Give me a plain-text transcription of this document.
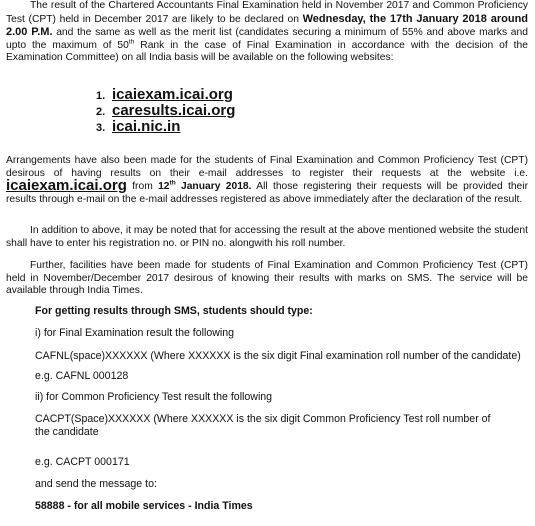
The result of the Chartered Accountants Final Examination held in November 2017 and Common Proficiency Test (CPT) held in December 2017 are likely to be declared on Wednesday, the 17th January 2018 around 2.00 P.M. and the same as well as the merit list (candidates securing a minimum of 55% and above marks and upto the maximum of 50th Rank in the case of Final Examination in accordance with the decision of the Examination Committee) on all India basis will be available on the following websites:

1. icaiexam.icai.org
2. caresults.icai.org
3. icai.nic.in

Arrangements have also been made for the students of Final Examination and Common Proficiency Test (CPT) desirous of having results on their e-mail addresses to register their requests at the website i.e. icaiexam.icai.org from 12th January 2018. All those registering their requests will be provided their results through e-mail on the e-mail addresses registered as above immediately after the declaration of the result.

In addition to above, it may be noted that for accessing the result at the above mentioned website the student shall have to enter his registration no. or PIN no. alongwith his roll number.

Further, facilities have been made for students of Final Examination and Common Proficiency Test (CPT) held in November/December 2017 desirous of knowing their results with marks on SMS. The service will be available through India Times.

For getting results through SMS, students should type:
i) for Final Examination result the following
CAFNL(space)XXXXXX (Where XXXXXX is the six digit Final examination roll number of the candidate)
e.g. CAFNL 000128
ii) for Common Proficiency Test result the following
CACPT(Space)XXXXXX (Where XXXXXX is the six digit Common Proficiency Test roll number of the candidate
e.g. CACPT 000171
and send the message to:
58888 - for all mobile services - India Times
